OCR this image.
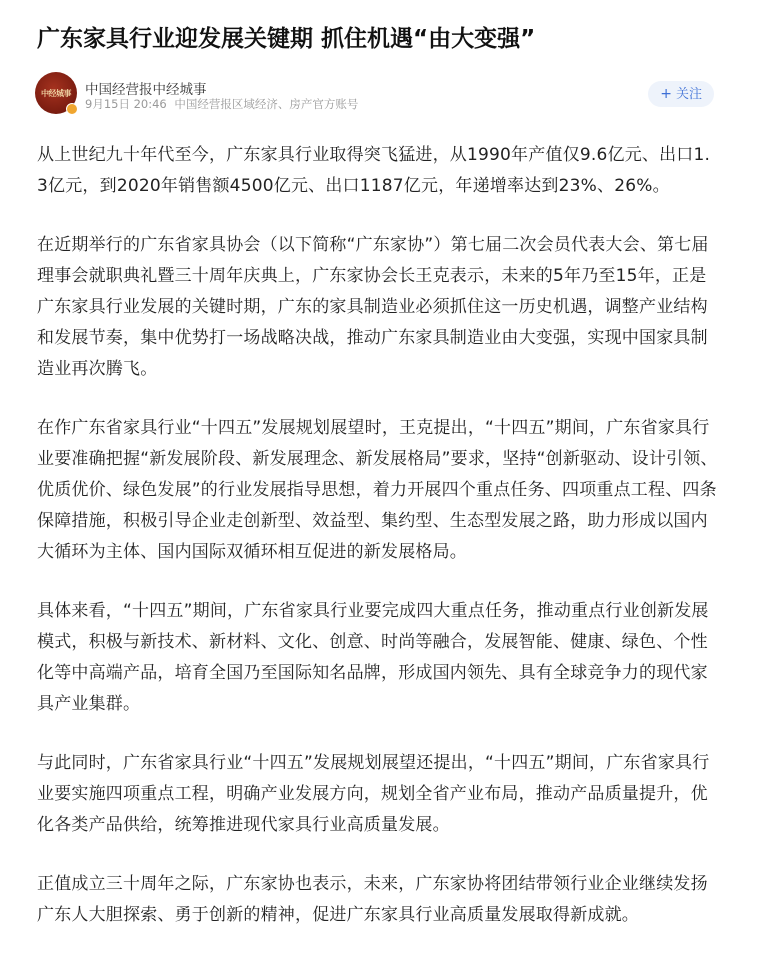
广东家具行业迎发展关键期 抓住机遇“由大变强”
中经城事 中国经营报中经城事
9月15日 20:46 中国经营报区域经济、房产官方账号
+ 关注

从上世纪九十年代至今，广东家具行业取得突飞猛进，从1990年产值仅9.6亿元、出口1.3亿元，到2020年销售额4500亿元、出口1187亿元，年递增率达到23%、26%。

在近期举行的广东省家具协会（以下简称“广东家协”）第七届二次会员代表大会、第七届理事会就职典礼暨三十周年庆典上，广东家协会长王克表示，未来的5年乃至15年，正是广东家具行业发展的关键时期，广东的家具制造业必须抓住这一历史机遇，调整产业结构和发展节奏，集中优势打一场战略决战，推动广东家具制造业由大变强，实现中国家具制造业再次腾飞。

在作广东省家具行业“十四五”发展规划展望时，王克提出，“十四五”期间，广东省家具行业要准确把握“新发展阶段、新发展理念、新发展格局”要求，坚持“创新驱动、设计引领、优质优价、绿色发展”的行业发展指导思想，着力开展四个重点任务、四项重点工程、四条保障措施，积极引导企业走创新型、效益型、集约型、生态型发展之路，助力形成以国内大循环为主体、国内国际双循环相互促进的新发展格局。

具体来看，“十四五”期间，广东省家具行业要完成四大重点任务，推动重点行业创新发展模式，积极与新技术、新材料、文化、创意、时尚等融合，发展智能、健康、绿色、个性化等中高端产品，培育全国乃至国际知名品牌，形成国内领先、具有全球竞争力的现代家具产业集群。

与此同时，广东省家具行业“十四五”发展规划展望还提出，“十四五”期间，广东省家具行业要实施四项重点工程，明确产业发展方向，规划全省产业布局，推动产品质量提升，优化各类产品供给，统筹推进现代家具行业高质量发展。

正值成立三十周年之际，广东家协也表示，未来，广东家协将团结带领行业企业继续发扬广东人大胆探索、勇于创新的精神，促进广东家具行业高质量发展取得新成就。
